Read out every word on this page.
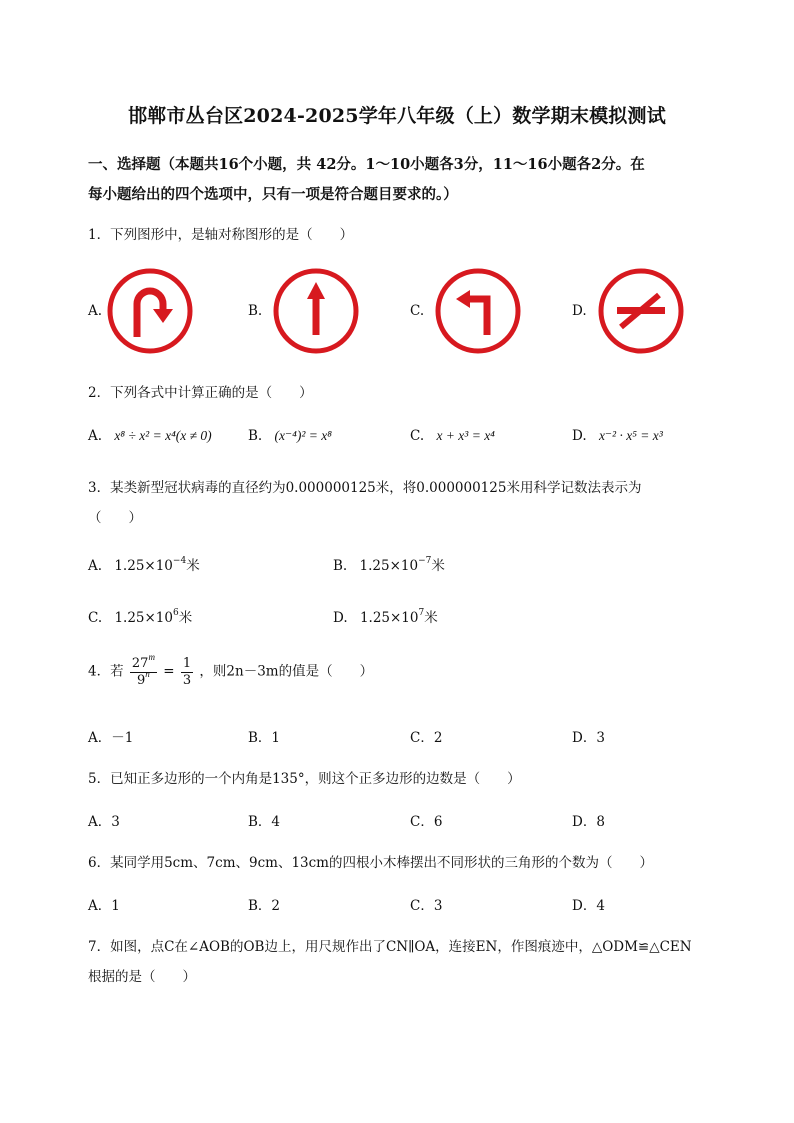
邯郸市丛台区2024-2025学年八年级（上）数学期末模拟测试
一、选择题（本题共16个小题，共 42分。1～10小题各3分，11～16小题各2分。在
每小题给出的四个选项中，只有一项是符合题目要求的。）
1．下列图形中，是轴对称图形的是（　　）
A.	B.	C.	D.
2．下列各式中计算正确的是（　　）
A. x⁸ ÷ x² = x⁴(x ≠ 0)	B. (x⁻⁴)² = x⁸	C. x + x³ = x⁴	D. x⁻² · x⁵ = x³
3．某类新型冠状病毒的直径约为0.000000125米，将0.000000125米用科学记数法表示为
（　　）
A. $1.25\times 10^{-4}$米	B. $1.25\times 10^{-7}$米
C. $1.25\times 10^6$米	D. $1.25\times 10^7$米
4．若 $\frac{27^m}{9^n} = \frac{1}{3}$ ，则2n－3m的值是（　　）
A．－1	B．1	C．2	D．3
5．已知正多边形的一个内角是135°，则这个正多边形的边数是（　　）
A．3	B．4	C．6	D．8
6．某同学用5cm、7cm、9cm、13cm的四根小木棒摆出不同形状的三角形的个数为（　　）
A．1	B．2	C．3	D．4
7．如图，点C在∠AOB的OB边上，用尺规作出了CN∥OA，连接EN，作图痕迹中，△ODM≌△CEN
根据的是（　　）
